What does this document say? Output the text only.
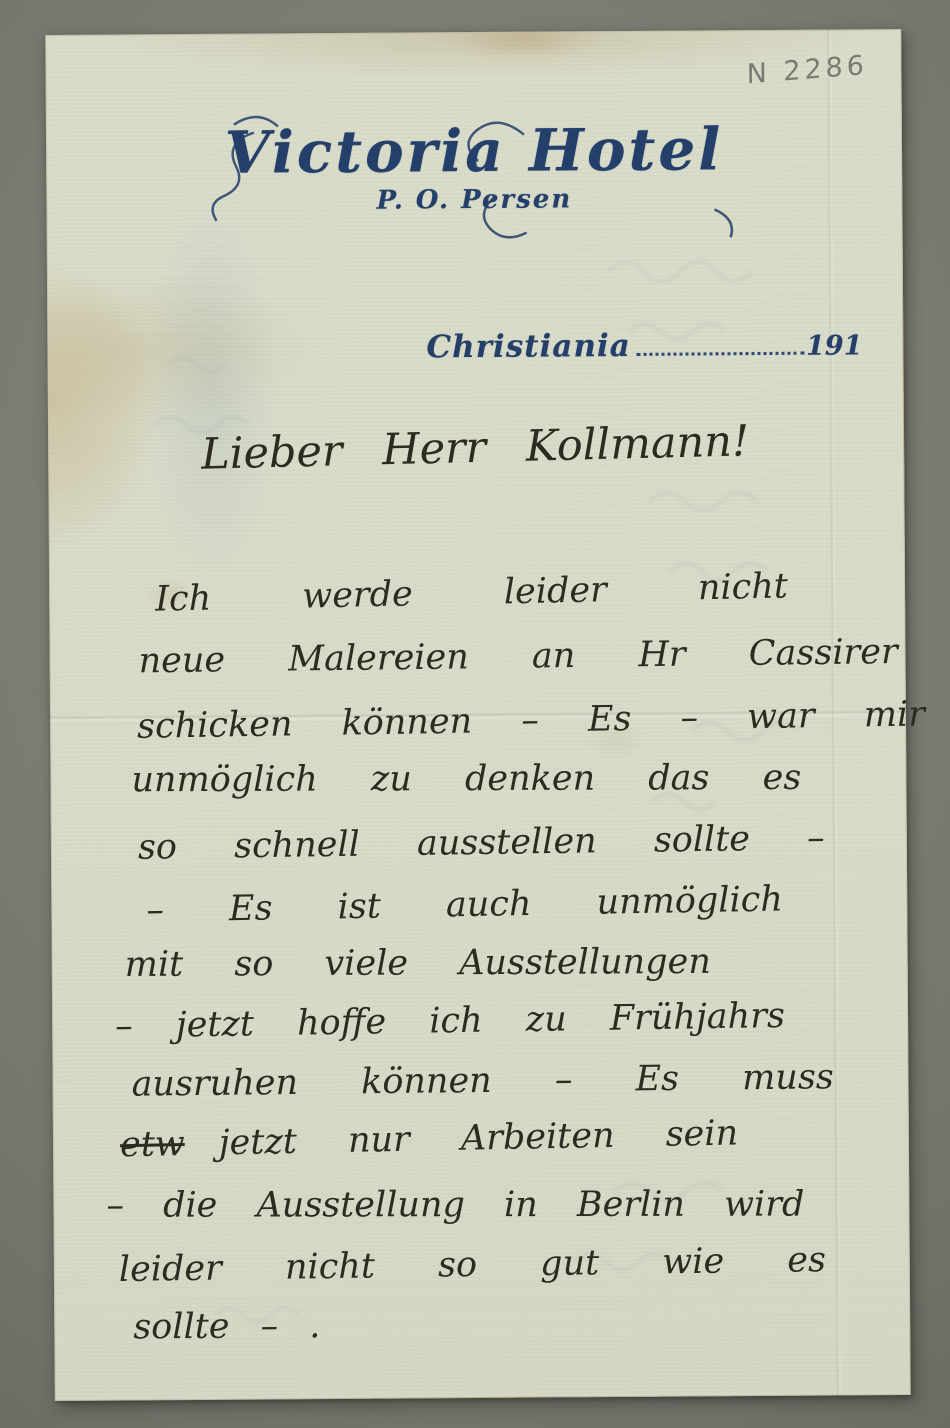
N 2286
Victoria Hotel
P. O. Persen
Christiania	191
Lieber Herr Kollmann!
Ich werde leider nicht
neue Malereien an Hr Cassirer
schicken können – Es – war mir
unmöglich zu denken das es
so schnell ausstellen sollte –
– Es ist auch unmöglich
mit so viele Ausstellungen
– jetzt hoffe ich zu Frühjahrs
ausruhen können – Es muss
etw jetzt nur Arbeiten sein
– die Ausstellung in Berlin wird
leider nicht so gut wie es
sollte – .
